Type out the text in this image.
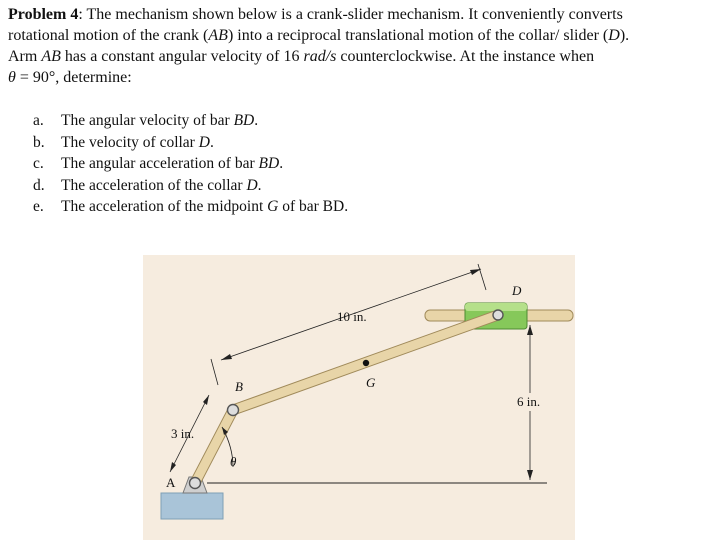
Problem 4: The mechanism shown below is a crank-slider mechanism. It conveniently converts
rotational motion of the crank (AB) into a reciprocal translational motion of the collar/ slider (D).
Arm AB has a constant angular velocity of 16 rad/s counterclockwise. At the instance when
θ = 90°, determine:
a.	The angular velocity of bar BD.
b.	The velocity of collar D.
c.	The angular acceleration of bar BD.
d.	The acceleration of the collar D.
e.	The acceleration of the midpoint G of bar BD.
10 in.
3 in.
6 in.
A
B
D
G
θ
